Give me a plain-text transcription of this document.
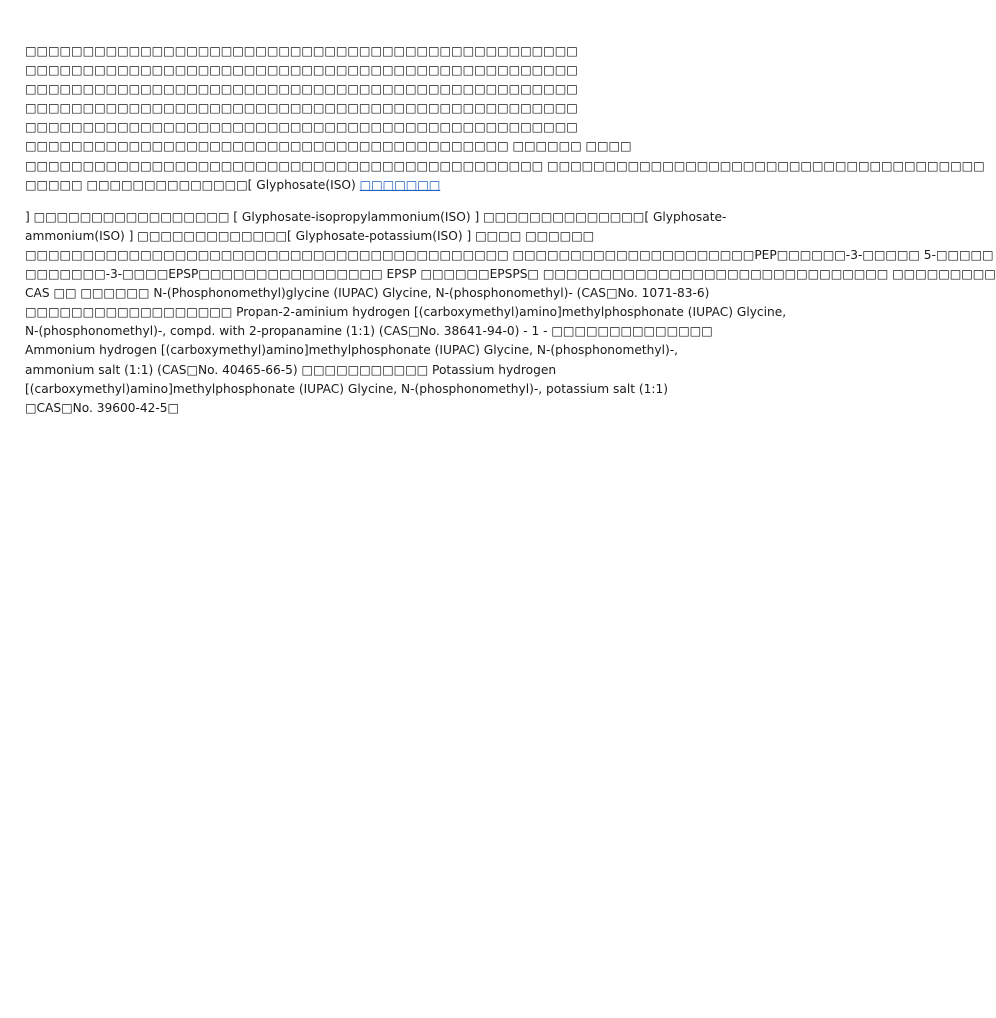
□□□□□□□□□□□□□□□□□□□□□□□□□□□□□□□□□□□□□□□□□□□□□□□□
□□□□□□□□□□□□□□□□□□□□□□□□□□□□□□□□□□□□□□□□□□□□□□□□
□□□□□□□□□□□□□□□□□□□□□□□□□□□□□□□□□□□□□□□□□□□□□□□□
□□□□□□□□□□□□□□□□□□□□□□□□□□□□□□□□□□□□□□□□□□□□□□□□
□□□□□□□□□□□□□□□□□□□□□□□□□□□□□□□□□□□□□□□□□□□□□□□□
□□□□□□□□□□□□□□□□□□□□□□□□□□□□□□□□□□□□□□□□□□ □□□□□□ □□□□
□□□□□□□□□□□□□□□□□□□□□□□□□□□□□□□□□□□□□□□□□□□□□ □□□□□□□□□□□□□□□□□□□□□□□□□□□□□□□□□□□□□□
□□□□□ □□□□□□□□□□□□□□[ Glyphosate(ISO) □□□□□□□
] □□□□□□□□□□□□□□□□□ [ Glyphosate-isopropylammonium(ISO) ] □□□□□□□□□□□□□□[ Glyphosate-
ammonium(ISO) ] □□□□□□□□□□□□□[ Glyphosate-potassium(ISO) ] □□□□ □□□□□□
□□□□□□□□□□□□□□□□□□□□□□□□□□□□□□□□□□□□□□□□□□ □□□□□□□□□□□□□□□□□□□□□PEP□□□□□□-3-□□□□□ 5-□□□□□
□□□□□□□-3-□□□□EPSP□□□□□□□□□□□□□□□□ EPSP □□□□□□EPSPS□ □□□□□□□□□□□□□□□□□□□□□□□□□□□□□□ □□□□□□□□□
CAS □□ □□□□□□ N-(Phosphonomethyl)glycine (IUPAC) Glycine, N-(phosphonomethyl)- (CAS□No. 1071-83-6)
□□□□□□□□□□□□□□□□□□ Propan-2-aminium hydrogen [(carboxymethyl)amino]methylphosphonate (IUPAC) Glycine,
N-(phosphonomethyl)-, compd. with 2-propanamine (1:1) (CAS□No. 38641-94-0) - 1 - □□□□□□□□□□□□□□
Ammonium hydrogen [(carboxymethyl)amino]methylphosphonate (IUPAC) Glycine, N-(phosphonomethyl)-,
ammonium salt (1:1) (CAS□No. 40465-66-5) □□□□□□□□□□□ Potassium hydrogen
[(carboxymethyl)amino]methylphosphonate (IUPAC) Glycine, N-(phosphonomethyl)-, potassium salt (1:1)
□CAS□No. 39600-42-5□
